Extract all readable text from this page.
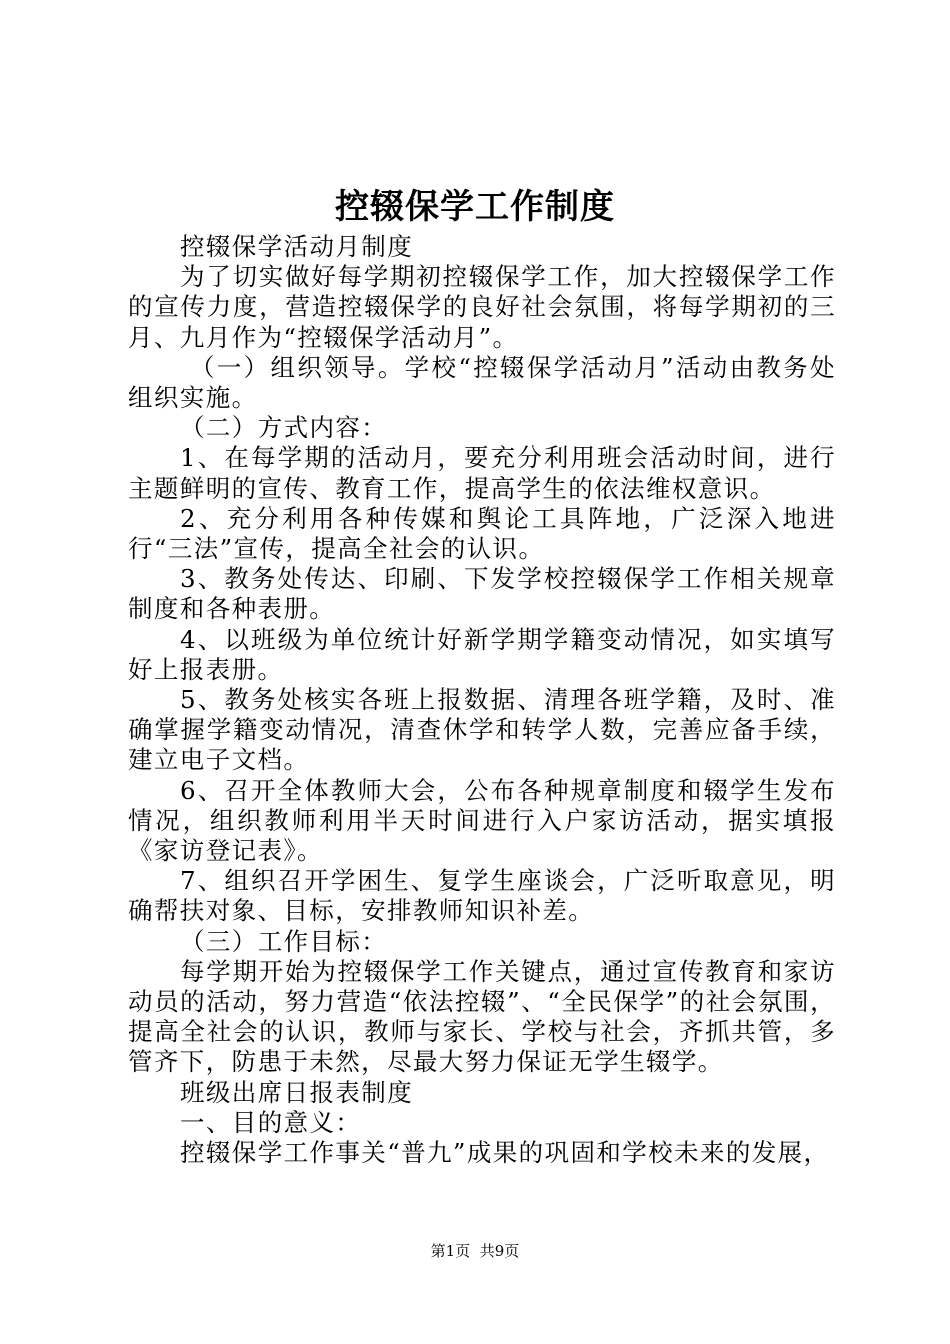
控辍保学工作制度

控辍保学活动月制度

为了切实做好每学期初控辍保学工作，加大控辍保学工作的宣传力度，营造控辍保学的良好社会氛围，将每学期初的三月、九月作为“控辍保学活动月”。

（一）组织领导。学校“控辍保学活动月”活动由教务处组织实施。

（二）方式内容：

1、在每学期的活动月，要充分利用班会活动时间，进行主题鲜明的宣传、教育工作，提高学生的依法维权意识。

2、充分利用各种传媒和舆论工具阵地，广泛深入地进行“三法”宣传，提高全社会的认识。

3、教务处传达、印刷、下发学校控辍保学工作相关规章制度和各种表册。

4、以班级为单位统计好新学期学籍变动情况，如实填写好上报表册。

5、教务处核实各班上报数据、清理各班学籍，及时、准确掌握学籍变动情况，清查休学和转学人数，完善应备手续，建立电子文档。

6、召开全体教师大会，公布各种规章制度和辍学生发布情况，组织教师利用半天时间进行入户家访活动，据实填报《家访登记表》。

7、组织召开学困生、复学生座谈会，广泛听取意见，明确帮扶对象、目标，安排教师知识补差。

（三）工作目标：

每学期开始为控辍保学工作关键点，通过宣传教育和家访动员的活动，努力营造“依法控辍”、“全民保学”的社会氛围，提高全社会的认识，教师与家长、学校与社会，齐抓共管，多管齐下，防患于未然，尽最大努力保证无学生辍学。

班级出席日报表制度

一、目的意义：

控辍保学工作事关“普九”成果的巩固和学校未来的发展，

第1页 共9页
